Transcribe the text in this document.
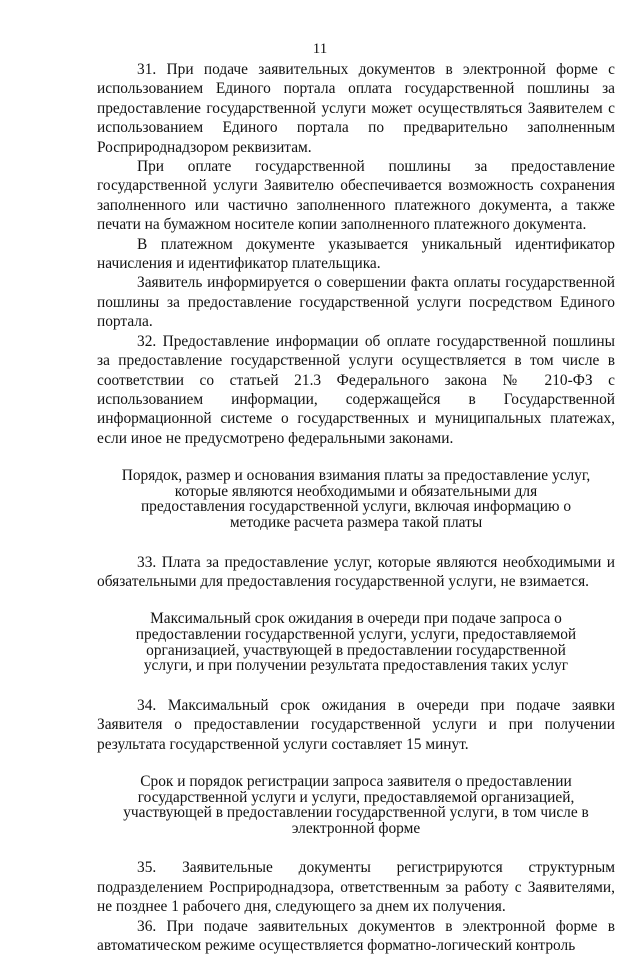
11

31. При подаче заявительных документов в электронной форме с использованием Единого портала оплата государственной пошлины за предоставление государственной услуги может осуществляться Заявителем с использованием Единого портала по предварительно заполненным Росприроднадзором реквизитам.

При оплате государственной пошлины за предоставление государственной услуги Заявителю обеспечивается возможность сохранения заполненного или частично заполненного платежного документа, а также печати на бумажном носителе копии заполненного платежного документа.

В платежном документе указывается уникальный идентификатор начисления и идентификатор плательщика.

Заявитель информируется о совершении факта оплаты государственной пошлины за предоставление государственной услуги посредством Единого портала.

32. Предоставление информации об оплате государственной пошлины за предоставление государственной услуги осуществляется в том числе в соответствии со статьей 21.3 Федерального закона № 210-ФЗ с использованием информации, содержащейся в Государственной информационной системе о государственных и муниципальных платежах, если иное не предусмотрено федеральными законами.

Порядок, размер и основания взимания платы за предоставление услуг, которые являются необходимыми и обязательными для предоставления государственной услуги, включая информацию о методике расчета размера такой платы

33. Плата за предоставление услуг, которые являются необходимыми и обязательными для предоставления государственной услуги, не взимается.

Максимальный срок ожидания в очереди при подаче запроса о предоставлении государственной услуги, услуги, предоставляемой организацией, участвующей в предоставлении государственной услуги, и при получении результата предоставления таких услуг

34. Максимальный срок ожидания в очереди при подаче заявки Заявителя о предоставлении государственной услуги и при получении результата государственной услуги составляет 15 минут.

Срок и порядок регистрации запроса заявителя о предоставлении государственной услуги и услуги, предоставляемой организацией, участвующей в предоставлении государственной услуги, в том числе в электронной форме

35. Заявительные документы регистрируются структурным подразделением Росприроднадзора, ответственным за работу с Заявителями, не позднее 1 рабочего дня, следующего за днем их получения.

36. При подаче заявительных документов в электронной форме в автоматическом режиме осуществляется форматно-логический контроль
